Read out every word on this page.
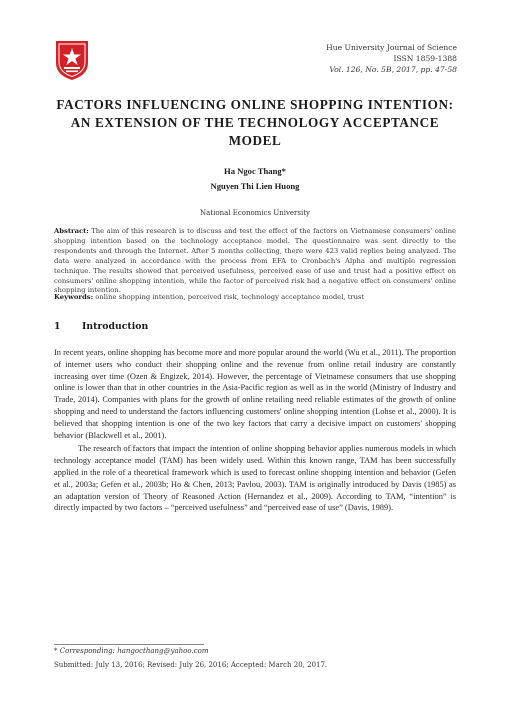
Hue University Journal of Science
ISSN 1859-1388
Vol. 126, No. 5B, 2017, pp. 47-58
FACTORS INFLUENCING ONLINE SHOPPING INTENTION: AN EXTENSION OF THE TECHNOLOGY ACCEPTANCE MODEL
Ha Ngoc Thang*
Nguyen Thi Lien Huong
National Economics University
Abstract: The aim of this research is to discuss and test the effect of the factors on Vietnamese consumers' online shopping intention based on the technology acceptance model. The questionnaire was sent directly to the respondents and through the Internet. After 5 months collecting, there were 423 valid replies being analyzed. The data were analyzed in accordance with the process from EFA to Cronbach's Alpha and multiple regression technique. The results showed that perceived usefulness, perceived ease of use and trust had a positive effect on consumers' online shopping intention, while the factor of perceived risk had a negative effect on consumers' online shopping intention.
Keywords: online shopping intention, perceived risk, technology acceptance model, trust
1 Introduction

In recent years, online shopping has become more and more popular around the world (Wu et al., 2011). The proportion of internet users who conduct their shopping online and the revenue from online retail industry are constantly increasing over time (Ozen & Engizek, 2014). However, the percentage of Vietnamese consumers that use shopping online is lower than that in other countries in the Asia-Pacific region as well as in the world (Ministry of Industry and Trade, 2014). Companies with plans for the growth of online retailing need reliable estimates of the growth of online shopping and need to understand the factors influencing customers' online shopping intention (Lohse et al., 2000). It is believed that shopping intention is one of the two key factors that carry a decisive impact on customers' shopping behavior (Blackwell et al., 2001).

The research of factors that impact the intention of online shopping behavior applies numerous models in which technology acceptance model (TAM) has been widely used. Within this known range, TAM has been successfully applied in the role of a theoretical framework which is used to forecast online shopping intention and behavior (Gefen et al., 2003a; Gefen et al., 2003b; Ho & Chen, 2013; Pavlou, 2003). TAM is originally introduced by Davis (1985) as an adaptation version of Theory of Reasoned Action (Hernandez et al., 2009). According to TAM, “intention” is directly impacted by two factors – “perceived usefulness” and “perceived ease of use” (Davis, 1989).

* Corresponding: hangocthang@yahoo.com
Submitted: July 13, 2016; Revised: July 26, 2016; Accepted: March 20, 2017.
